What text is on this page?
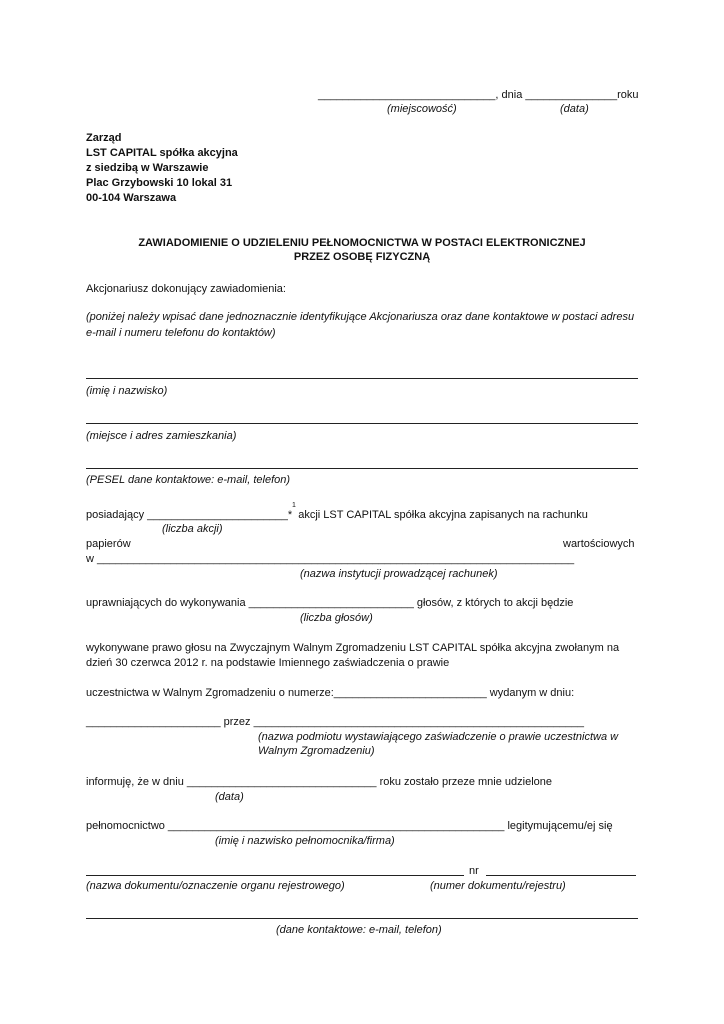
_____________________________, dnia _______________roku
(miejscowość)	(data)
Zarząd
LST CAPITAL spółka akcyjna
z siedzibą w Warszawie
Plac Grzybowski 10 lokal 31
00-104 Warszawa
ZAWIADOMIENIE O UDZIELENIU PEŁNOMOCNICTWA W POSTACI ELEKTRONICZNEJ
PRZEZ OSOBĘ FIZYCZNĄ
Akcjonariusz dokonujący zawiadomienia:
(poniżej należy wpisać dane jednoznacznie identyfikujące Akcjonariusza oraz dane kontaktowe w postaci adresu
e-mail i numeru telefonu do kontaktów)
(imię i nazwisko)
(miejsce i adres zamieszkania)
(PESEL dane kontaktowe: e-mail, telefon)
1
posiadający _______________________*  akcji LST CAPITAL spółka akcyjna zapisanych na rachunku
(liczba akcji)
papierów	wartościowych
w ______________________________________________________________________________
(nazwa instytucji prowadzącej rachunek)
uprawniających do wykonywania ___________________________ głosów, z których to akcji będzie
(liczba głosów)
wykonywane prawo głosu na Zwyczajnym Walnym Zgromadzeniu LST CAPITAL spółka akcyjna zwołanym na
dzień 30 czerwca 2012 r. na podstawie Imiennego zaświadczenia o prawie
uczestnictwa w Walnym Zgromadzeniu o numerze:_________________________ wydanym w dniu:
______________________ przez ______________________________________________________
(nazwa podmiotu wystawiającego zaświadczenie o prawie uczestnictwa w
Walnym Zgromadzeniu)
informuję, że w dniu _______________________________ roku zostało przeze mnie udzielone
(data)
pełnomocnictwo _______________________________________________________ legitymującemu/ej się
(imię i nazwisko pełnomocnika/firma)
nr
(nazwa dokumentu/oznaczenie organu rejestrowego)	(numer dokumentu/rejestru)
(dane kontaktowe: e-mail, telefon)
